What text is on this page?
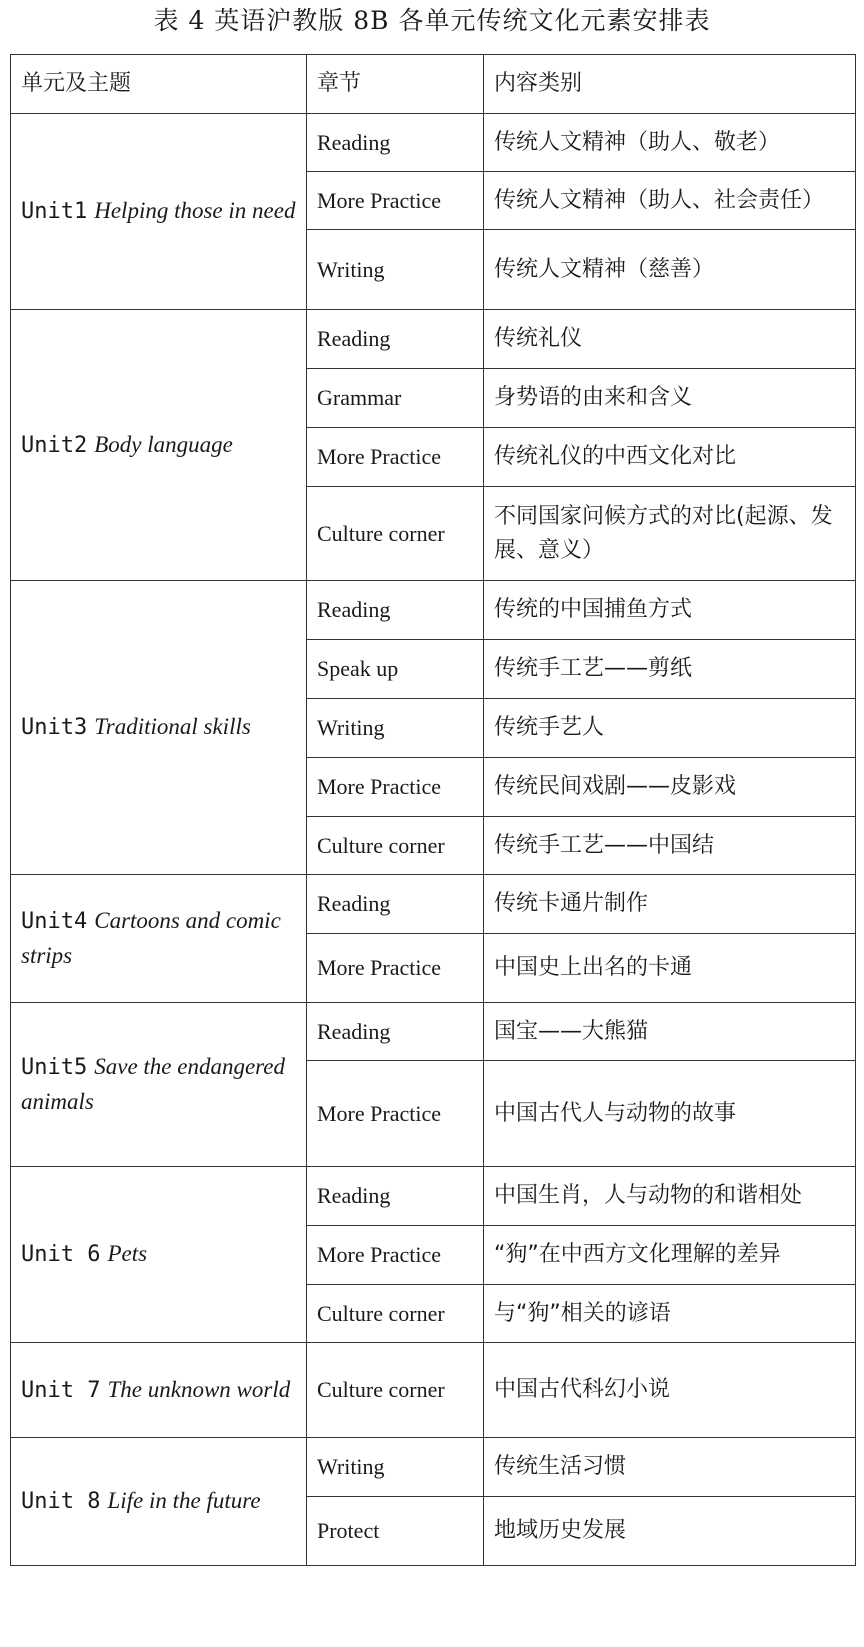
表 4 英语沪教版 8B 各单元传统文化元素安排表
单元及主题	章节	内容类别
Unit1 Helping those in need	Reading	传统人文精神（助人、敬老）
	More Practice	传统人文精神（助人、社会责任）
	Writing	传统人文精神（慈善）
Unit2 Body language	Reading	传统礼仪
	Grammar	身势语的由来和含义
	More Practice	传统礼仪的中西文化对比
	Culture corner	不同国家问候方式的对比(起源、发展、意义）
Unit3 Traditional skills	Reading	传统的中国捕鱼方式
	Speak up	传统手工艺——剪纸
	Writing	传统手艺人
	More Practice	传统民间戏剧——皮影戏
	Culture corner	传统手工艺——中国结
Unit4 Cartoons and comic strips	Reading	传统卡通片制作
	More Practice	中国史上出名的卡通
Unit5 Save the endangered animals	Reading	国宝——大熊猫
	More Practice	中国古代人与动物的故事
Unit 6 Pets	Reading	中国生肖，人与动物的和谐相处
	More Practice	“狗”在中西方文化理解的差异
	Culture corner	与“狗”相关的谚语
Unit 7 The unknown world	Culture corner	中国古代科幻小说
Unit 8 Life in the future	Writing	传统生活习惯
	Protect	地域历史发展
